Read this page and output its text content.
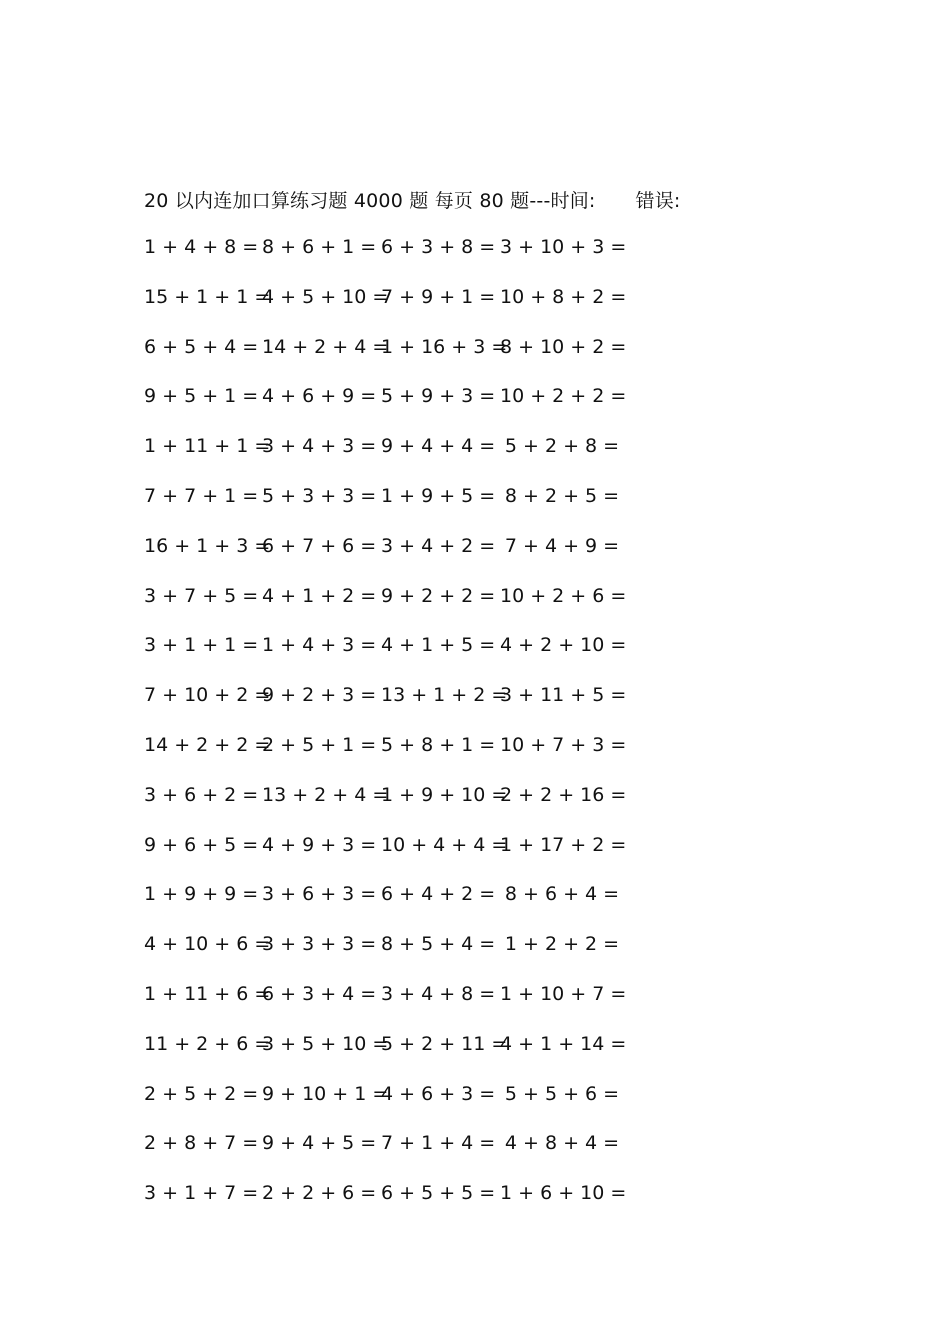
20 以内连加口算练习题 4000 题 每页 80 题---时间: 错误:
1 + 4 + 8 = 8 + 6 + 1 = 6 + 3 + 8 = 3 + 10 + 3 =
15 + 1 + 1 =
4 + 5 + 10 =
7 + 9 + 1 = 10 + 8 + 2 =
6 + 5 + 4 = 14 + 2 + 4 =
1 + 16 + 3 =
8 + 10 + 2 =
9 + 5 + 1 = 4 + 6 + 9 = 5 + 9 + 3 = 10 + 2 + 2 =
1 + 11 + 1 =
3 + 4 + 3 = 9 + 4 + 4 = 5 + 2 + 8 =
7 + 7 + 1 = 5 + 3 + 3 = 1 + 9 + 5 = 8 + 2 + 5 =
16 + 1 + 3 =
6 + 7 + 6 = 3 + 4 + 2 = 7 + 4 + 9 =
3 + 7 + 5 = 4 + 1 + 2 = 9 + 2 + 2 = 10 + 2 + 6 =
3 + 1 + 1 = 1 + 4 + 3 = 4 + 1 + 5 = 4 + 2 + 10 =
7 + 10 + 2 =
9 + 2 + 3 = 13 + 1 + 2 =
3 + 11 + 5 =
14 + 2 + 2 =
2 + 5 + 1 = 5 + 8 + 1 = 10 + 7 + 3 =
3 + 6 + 2 = 13 + 2 + 4 =
1 + 9 + 10 =
2 + 2 + 16 =
9 + 6 + 5 = 4 + 9 + 3 = 10 + 4 + 4 =
1 + 17 + 2 =
1 + 9 + 9 = 3 + 6 + 3 = 6 + 4 + 2 = 8 + 6 + 4 =
4 + 10 + 6 =
3 + 3 + 3 = 8 + 5 + 4 = 1 + 2 + 2 =
1 + 11 + 6 =
6 + 3 + 4 = 3 + 4 + 8 = 1 + 10 + 7 =
11 + 2 + 6 =
3 + 5 + 10 =
5 + 2 + 11 =
4 + 1 + 14 =
2 + 5 + 2 = 9 + 10 + 1 =
4 + 6 + 3 = 5 + 5 + 6 =
2 + 8 + 7 = 9 + 4 + 5 = 7 + 1 + 4 = 4 + 8 + 4 =
3 + 1 + 7 = 2 + 2 + 6 = 6 + 5 + 5 = 1 + 6 + 10 =
